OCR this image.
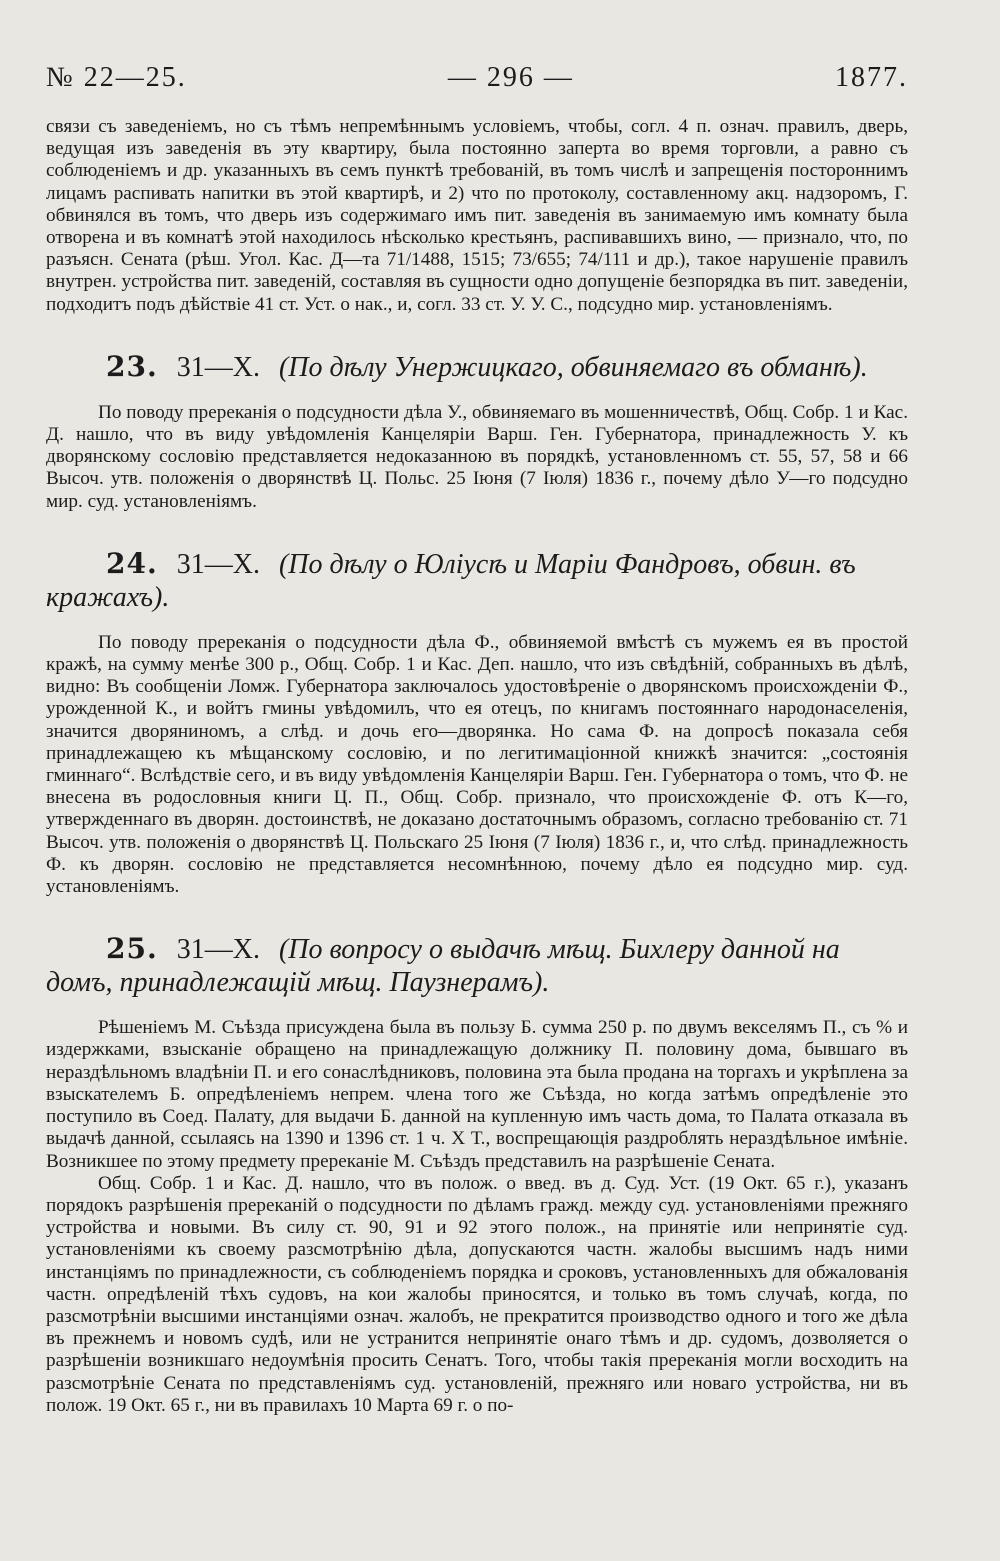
№ 22—25.	— 296 —	1877.

связи съ заведеніемъ, но съ тѣмъ непремѣннымъ условіемъ, чтобы, согл. 4 п. означ. правилъ, дверь, ведущая изъ заведенія въ эту квартиру, была постоянно заперта во время торговли, а равно съ соблюденіемъ и др. указанныхъ въ семъ пунктѣ требованій, въ томъ числѣ и запрещенія постороннимъ лицамъ распивать напитки въ этой квартирѣ, и 2) что по протоколу, составленному акц. надзоромъ, Г. обвинялся въ томъ, что дверь изъ содержимаго имъ пит. заведенія въ занимаемую имъ комнату была отворена и въ комнатѣ этой находилось нѣсколько крестьянъ, распивавшихъ вино, — признало, что, по разъясн. Сената (рѣш. Угол. Кас. Д—та 71/1488, 1515; 73/655; 74/111 и др.), такое нарушеніе правилъ внутрен. устройства пит. заведеній, составляя въ сущности одно допущеніе безпорядка въ пит. заведеніи, подходитъ подъ дѣйствіе 41 ст. Уст. о нак., и, согл. 33 ст. У. У. С., подсудно мир. установленіямъ.

23. 31—X. (По дѣлу Унержицкаго, обвиняемаго въ обманѣ).

По поводу пререканія о подсудности дѣла У., обвиняемаго въ мошенничествѣ, Общ. Собр. 1 и Кас. Д. нашло, что въ виду увѣдомленія Канцеляріи Варш. Ген. Губернатора, принадлежность У. къ дворянскому сословію представляется недоказанною въ порядкѣ, установленномъ ст. 55, 57, 58 и 66 Высоч. утв. положенія о дворянствѣ Ц. Польс. 25 Іюня (7 Іюля) 1836 г., почему дѣло У—го подсудно мир. суд. установленіямъ.

24. 31—X. (По дѣлу о Юліусѣ и Маріи Фандровъ, обвин. въ кражахъ).

По поводу пререканія о подсудности дѣла Ф., обвиняемой вмѣстѣ съ мужемъ ея въ простой кражѣ, на сумму менѣе 300 р., Общ. Собр. 1 и Кас. Деп. нашло, что изъ свѣдѣній, собранныхъ въ дѣлѣ, видно: Въ сообщеніи Ломж. Губернатора заключалось удостовѣреніе о дворянскомъ происхожденіи Ф., урожденной К., и войтъ гмины увѣдомилъ, что ея отецъ, по книгамъ постояннаго народонаселенія, значится дворяниномъ, а слѣд. и дочь его—дворянка. Но сама Ф. на допросѣ показала себя принадлежащею къ мѣщанскому сословію, и по легитимаціонной книжкѣ значится: „состоянія гминнаго“. Вслѣдствіе сего, и въ виду увѣдомленія Канцеляріи Варш. Ген. Губернатора о томъ, что Ф. не внесена въ родословныя книги Ц. П., Общ. Собр. признало, что происхожденіе Ф. отъ К—го, утвержденнаго въ дворян. достоинствѣ, не доказано достаточнымъ образомъ, согласно требованію ст. 71 Высоч. утв. положенія о дворянствѣ Ц. Польскаго 25 Іюня (7 Іюля) 1836 г., и, что слѣд. принадлежность Ф. къ дворян. сословію не представляется несомнѣнною, почему дѣло ея подсудно мир. суд. установленіямъ.

25. 31—X. (По вопросу о выдачѣ мѣщ. Бихлеру данной на домъ, принадлежащій мѣщ. Паузнерамъ).

Рѣшеніемъ М. Съѣзда присуждена была въ пользу Б. сумма 250 р. по двумъ векселямъ П., съ % и издержками, взысканіе обращено на принадлежащую должнику П. половину дома, бывшаго въ нераздѣльномъ владѣніи П. и его сонаслѣдниковъ, половина эта была продана на торгахъ и укрѣплена за взыскателемъ Б. опредѣленіемъ непрем. члена того же Съѣзда, но когда затѣмъ опредѣленіе это поступило въ Соед. Палату, для выдачи Б. данной на купленную имъ часть дома, то Палата отказала въ выдачѣ данной, ссылаясь на 1390 и 1396 ст. 1 ч. X Т., воспрещающія раздроблять нераздѣльное имѣніе. Возникшее по этому предмету пререканіе М. Съѣздъ представилъ на разрѣшеніе Сената.

Общ. Собр. 1 и Кас. Д. нашло, что въ полож. о введ. въ д. Суд. Уст. (19 Окт. 65 г.), указанъ порядокъ разрѣшенія пререканій о подсудности по дѣламъ гражд. между суд. установленіями прежняго устройства и новыми. Въ силу ст. 90, 91 и 92 этого полож., на принятіе или непринятіе суд. установленіями къ своему разсмотрѣнію дѣла, допускаются частн. жалобы высшимъ надъ ними инстанціямъ по принадлежности, съ соблюденіемъ порядка и сроковъ, установленныхъ для обжалованія частн. опредѣленій тѣхъ судовъ, на кои жалобы приносятся, и только въ томъ случаѣ, когда, по разсмотрѣніи высшими инстанціями означ. жалобъ, не прекратится производство одного и того же дѣла въ прежнемъ и новомъ судѣ, или не устранится непринятіе онаго тѣмъ и др. судомъ, дозволяется о разрѣшеніи возникшаго недоумѣнія просить Сенатъ. Того, чтобы такія пререканія могли восходить на разсмотрѣніе Сената по представленіямъ суд. установленій, прежняго или новаго устройства, ни въ полож. 19 Окт. 65 г., ни въ правилахъ 10 Марта 69 г. о по-
